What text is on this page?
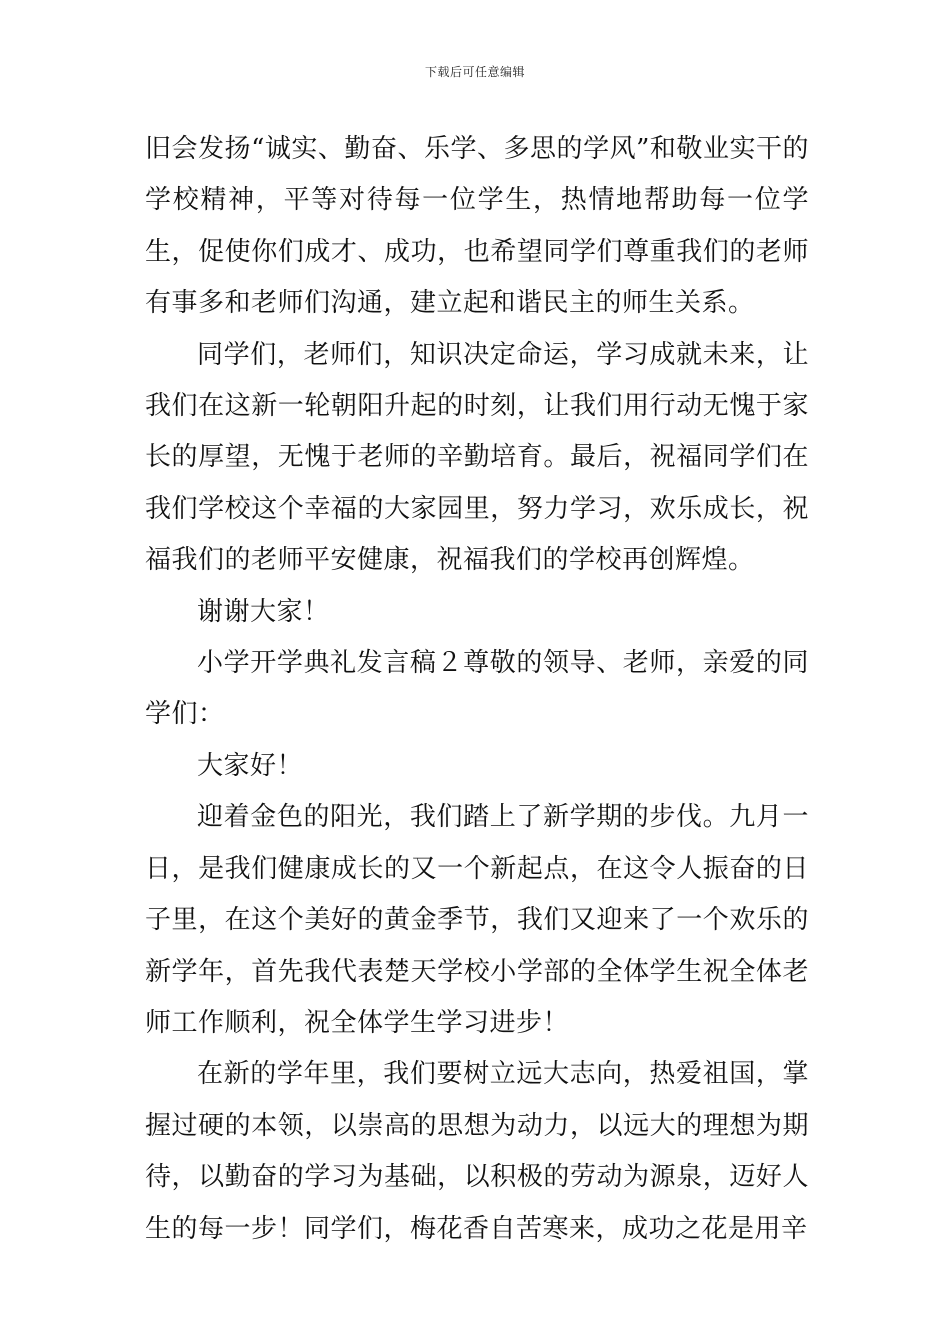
下载后可任意编辑

旧会发扬“诚实、勤奋、乐学、多思的学风”和敬业实干的学校精神，平等对待每一位学生，热情地帮助每一位学生，促使你们成才、成功，也希望同学们尊重我们的老师有事多和老师们沟通，建立起和谐民主的师生关系。

同学们，老师们，知识决定命运，学习成就未来，让我们在这新一轮朝阳升起的时刻，让我们用行动无愧于家长的厚望，无愧于老师的辛勤培育。最后，祝福同学们在我们学校这个幸福的大家园里，努力学习，欢乐成长，祝福我们的老师平安健康，祝福我们的学校再创辉煌。

谢谢大家！

小学开学典礼发言稿２尊敬的领导、老师，亲爱的同学们：

大家好！

迎着金色的阳光，我们踏上了新学期的步伐。九月一日，是我们健康成长的又一个新起点，在这令人振奋的日子里，在这个美好的黄金季节，我们又迎来了一个欢乐的新学年，首先我代表楚天学校小学部的全体学生祝全体老师工作顺利，祝全体学生学习进步！

在新的学年里，我们要树立远大志向，热爱祖国，掌握过硬的本领，以崇高的思想为动力，以远大的理想为期待，以勤奋的学习为基础，以积极的劳动为源泉，迈好人生的每一步！同学们，梅花香自苦寒来，成功之花是用辛
